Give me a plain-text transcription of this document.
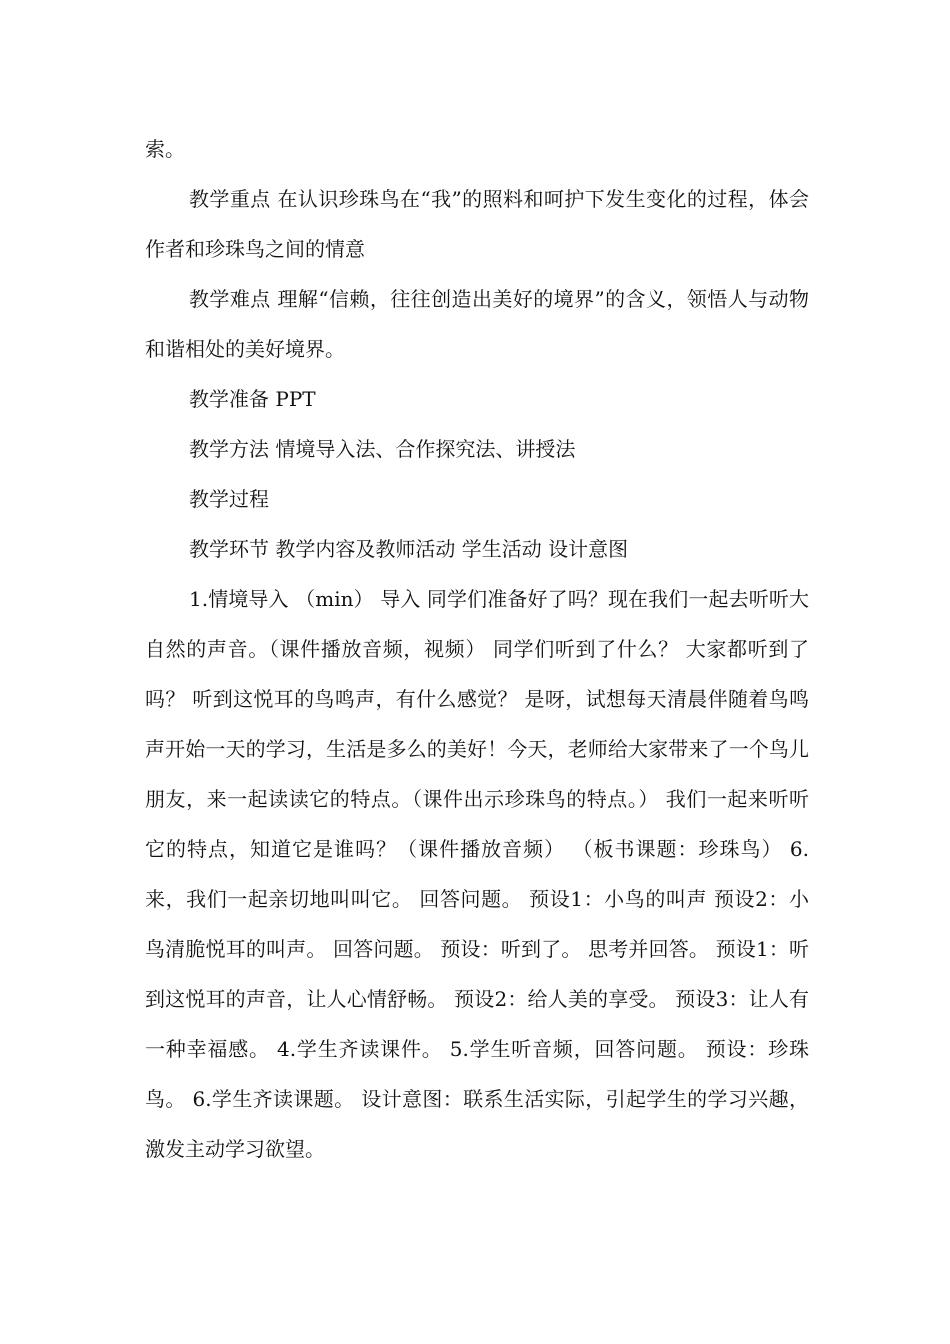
索。

教学重点 在认识珍珠鸟在“我”的照料和呵护下发生变化的过程，体会作者和珍珠鸟之间的情意

教学难点 理解“信赖，往往创造出美好的境界”的含义，领悟人与动物和谐相处的美好境界。

教学准备 PPT

教学方法 情境导入法、合作探究法、讲授法

教学过程

教学环节 教学内容及教师活动 学生活动 设计意图

1.情境导入 （min） 导入 同学们准备好了吗？现在我们一起去听听大自然的声音。（课件播放音频，视频） 同学们听到了什么？ 大家都听到了吗？ 听到这悦耳的鸟鸣声，有什么感觉？ 是呀，试想每天清晨伴随着鸟鸣声开始一天的学习，生活是多么的美好！今天，老师给大家带来了一个鸟儿朋友，来一起读读它的特点。（课件出示珍珠鸟的特点。） 我们一起来听听它的特点，知道它是谁吗？（课件播放音频） （板书课题：珍珠鸟） 6.来，我们一起亲切地叫叫它。 回答问题。 预设1：小鸟的叫声 预设2：小鸟清脆悦耳的叫声。 回答问题。 预设：听到了。 思考并回答。 预设1：听到这悦耳的声音，让人心情舒畅。 预设2：给人美的享受。 预设3：让人有一种幸福感。 4.学生齐读课件。 5.学生听音频，回答问题。 预设：珍珠鸟。 6.学生齐读课题。 设计意图：联系生活实际，引起学生的学习兴趣，激发主动学习欲望。
